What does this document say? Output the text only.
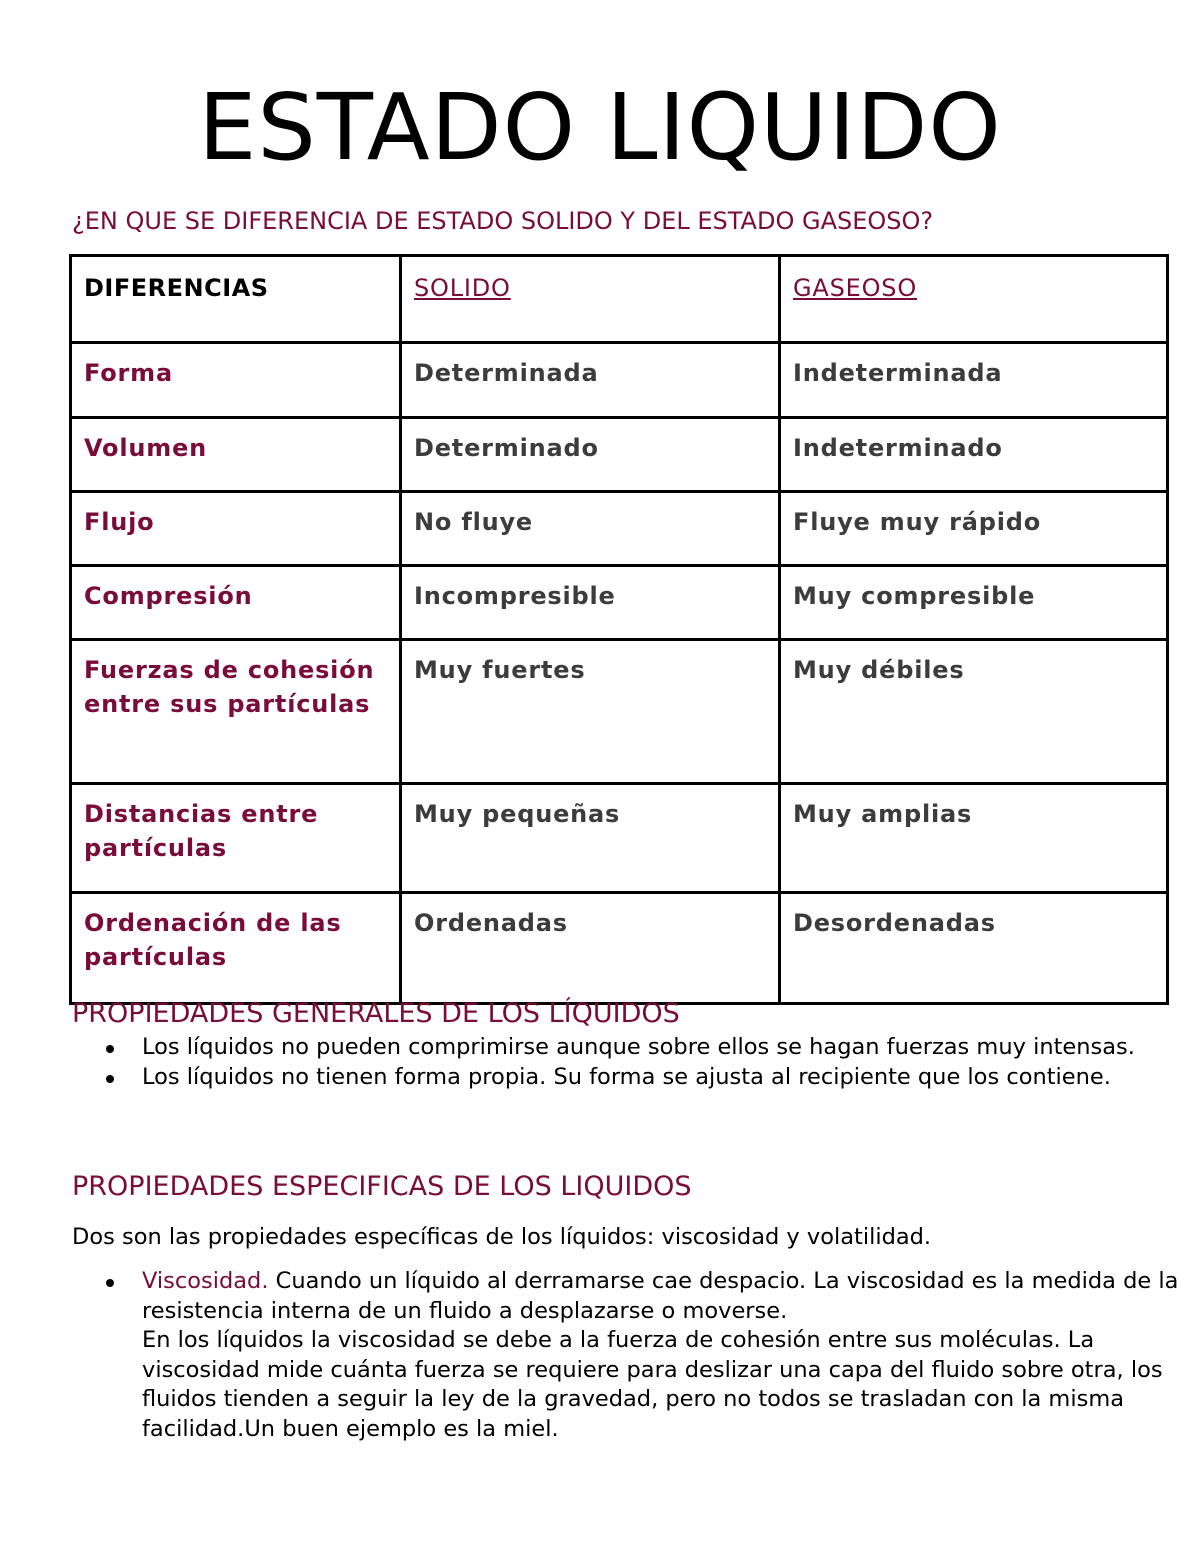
ESTADO LIQUIDO

¿EN QUE SE DIFERENCIA DE ESTADO SOLIDO Y DEL ESTADO GASEOSO?

DIFERENCIAS	SOLIDO	GASEOSO
Forma	Determinada	Indeterminada
Volumen	Determinado	Indeterminado
Flujo	No fluye	Fluye muy rápido
Compresión	Incompresible	Muy compresible
Fuerzas de cohesión entre sus partículas	Muy fuertes	Muy débiles
Distancias entre partículas	Muy pequeñas	Muy amplias
Ordenación de las partículas	Ordenadas	Desordenadas
PROPIEDADES GENERALES DE LOS LÍQUIDOS
Los líquidos no pueden comprimirse aunque sobre ellos se hagan fuerzas muy intensas.
Los líquidos no tienen forma propia. Su forma se ajusta al recipiente que los contiene.
PROPIEDADES ESPECIFICAS DE LOS LIQUIDOS

Dos son las propiedades específicas de los líquidos: viscosidad y volatilidad.

Viscosidad. Cuando un líquido al derramarse cae despacio. La viscosidad es la medida de la resistencia interna de un fluido a desplazarse o moverse.
En los líquidos la viscosidad se debe a la fuerza de cohesión entre sus moléculas. La viscosidad mide cuánta fuerza se requiere para deslizar una capa del fluido sobre otra, los fluidos tienden a seguir la ley de la gravedad, pero no todos se trasladan con la misma facilidad.Un buen ejemplo es la miel.
